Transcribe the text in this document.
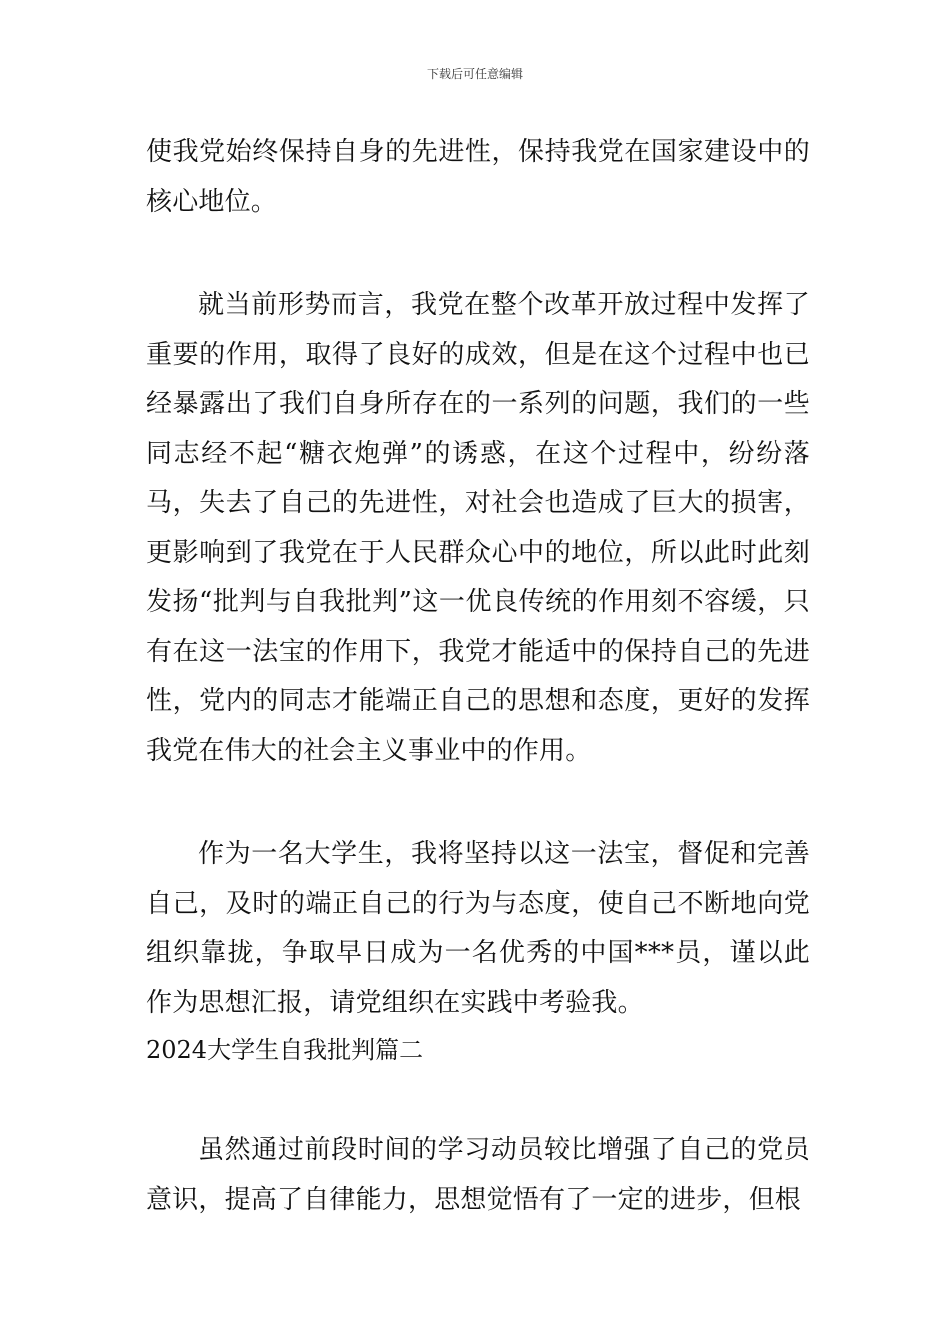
下载后可任意编辑

使我党始终保持自身的先进性，保持我党在国家建设中的核心地位。

就当前形势而言，我党在整个改革开放过程中发挥了重要的作用，取得了良好的成效，但是在这个过程中也已经暴露出了我们自身所存在的一系列的问题，我们的一些同志经不起“糖衣炮弹”的诱惑，在这个过程中，纷纷落马，失去了自己的先进性，对社会也造成了巨大的损害，更影响到了我党在于人民群众心中的地位，所以此时此刻发扬“批判与自我批判”这一优良传统的作用刻不容缓，只有在这一法宝的作用下，我党才能适中的保持自己的先进性，党内的同志才能端正自己的思想和态度，更好的发挥我党在伟大的社会主义事业中的作用。

作为一名大学生，我将坚持以这一法宝，督促和完善自己，及时的端正自己的行为与态度，使自己不断地向党组织靠拢，争取早日成为一名优秀的中国***员，谨以此作为思想汇报，请党组织在实践中考验我。

2024大学生自我批判篇二

虽然通过前段时间的学习动员较比增强了自己的党员意识，提高了自律能力，思想觉悟有了一定的进步，但根
